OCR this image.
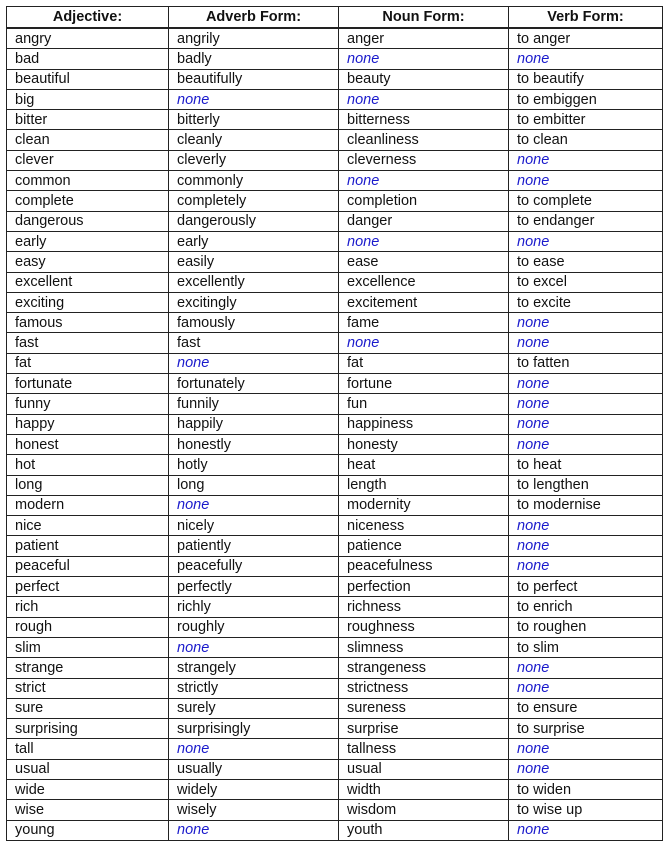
Adjective:	Adverb Form:	Noun Form:	Verb Form:
angry	angrily	anger	to anger
bad	badly	none	none
beautiful	beautifully	beauty	to beautify
big	none	none	to embiggen
bitter	bitterly	bitterness	to embitter
clean	cleanly	cleanliness	to clean
clever	cleverly	cleverness	none
common	commonly	none	none
complete	completely	completion	to complete
dangerous	dangerously	danger	to endanger
early	early	none	none
easy	easily	ease	to ease
excellent	excellently	excellence	to excel
exciting	excitingly	excitement	to excite
famous	famously	fame	none
fast	fast	none	none
fat	none	fat	to fatten
fortunate	fortunately	fortune	none
funny	funnily	fun	none
happy	happily	happiness	none
honest	honestly	honesty	none
hot	hotly	heat	to heat
long	long	length	to lengthen
modern	none	modernity	to modernise
nice	nicely	niceness	none
patient	patiently	patience	none
peaceful	peacefully	peacefulness	none
perfect	perfectly	perfection	to perfect
rich	richly	richness	to enrich
rough	roughly	roughness	to roughen
slim	none	slimness	to slim
strange	strangely	strangeness	none
strict	strictly	strictness	none
sure	surely	sureness	to ensure
surprising	surprisingly	surprise	to surprise
tall	none	tallness	none
usual	usually	usual	none
wide	widely	width	to widen
wise	wisely	wisdom	to wise up
young	none	youth	none
